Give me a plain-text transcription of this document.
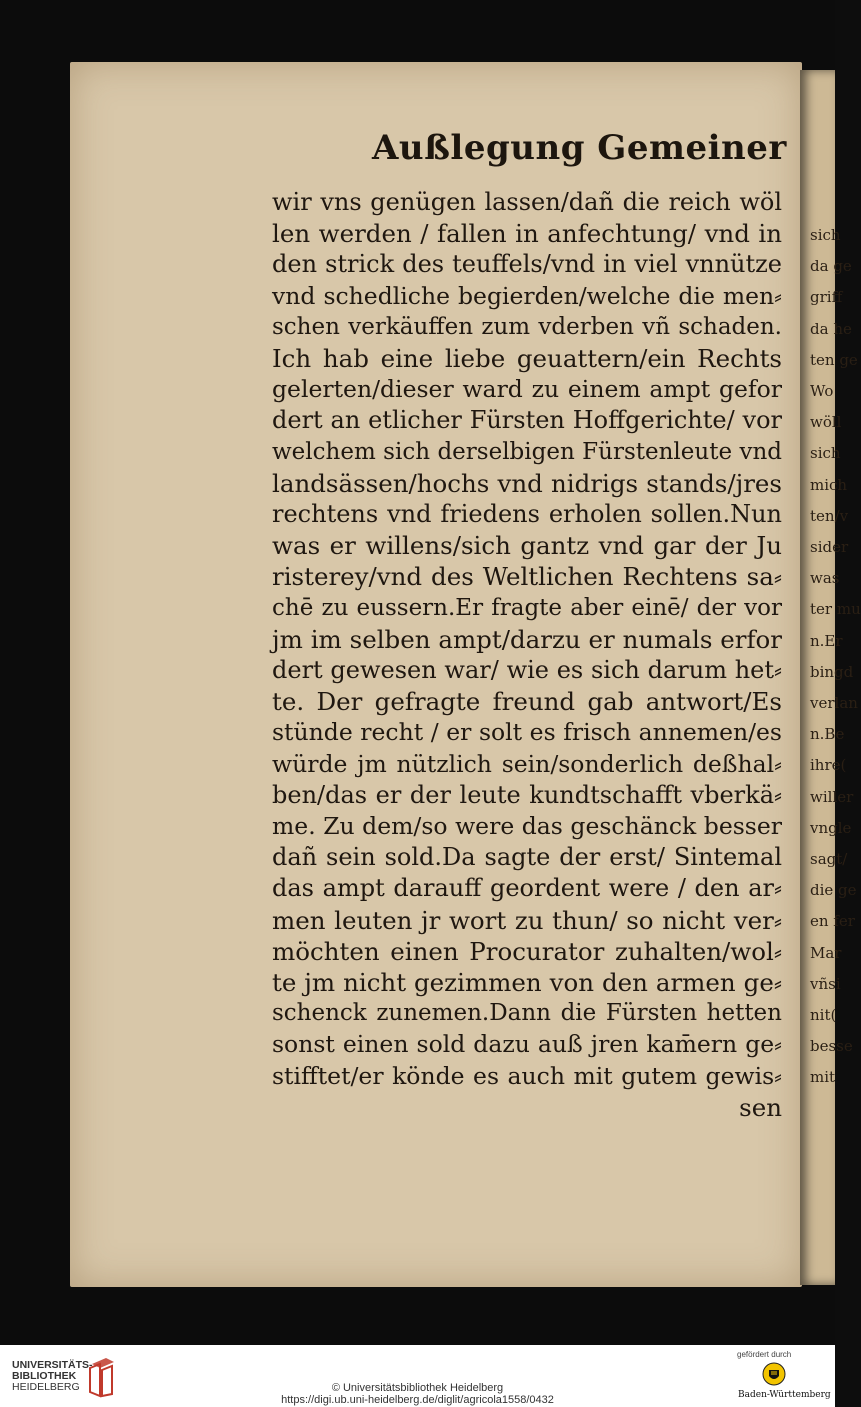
sich
da ge
griff
da he
ten ge
Wo
wöll
sich
mich
ten/v
sider
was
ter mu
n.Er
bingd
verlan
n.Be
ihre(
willer
vngle
sagt/
die ge
en fer
Mar
vñsi
nit(
besse
mit
Außlegung Gemeiner
wir vns genügen lassen/dañ die reich wöl
len werden / fallen in anfechtung/ vnd in
den strick des teuffels/vnd in viel vnnütze
vnd schedliche begierden/welche die men⸗
schen verkäuffen zum vderben vñ schaden.
Ich hab eine liebe geuattern/ein Rechts
gelerten/dieser ward zu einem ampt gefor
dert an etlicher Fürsten Hoffgerichte/ vor
welchem sich derselbigen Fürstenleute vnd
landsässen/hochs vnd nidrigs stands/jres
rechtens vnd friedens erholen sollen.Nun
was er willens/sich gantz vnd gar der Ju
risterey/vnd des Weltlichen Rechtens sa⸗
chē zu eussern.Er fragte aber einē/ der vor
jm im selben ampt/darzu er numals erfor
dert gewesen war/ wie es sich darum het⸗
te. Der gefragte freund gab antwort/Es
stünde recht / er solt es frisch annemen/es
würde jm nützlich sein/sonderlich deßhal⸗
ben/das er der leute kundtschafft vberkä⸗
me. Zu dem/so were das geschänck besser
dañ sein sold.Da sagte der erst/ Sintemal
das ampt darauff geordent were / den ar⸗
men leuten jr wort zu thun/ so nicht ver⸗
möchten einen Procurator zuhalten/wol⸗
te jm nicht gezimmen von den armen ge⸗
schenck zunemen.Dann die Fürsten hetten
sonst einen sold dazu auß jren kam̄ern ge⸗
stifftet/er könde es auch mit gutem gewis⸗
sen
UNIVERSITÄTS-
BIBLIOTHEK
HEIDELBERG	© Universitätsbibliothek Heidelberg
https://digi.ub.uni-heidelberg.de/diglit/agricola1558/0432
gefördert durch
Baden-Württemberg
